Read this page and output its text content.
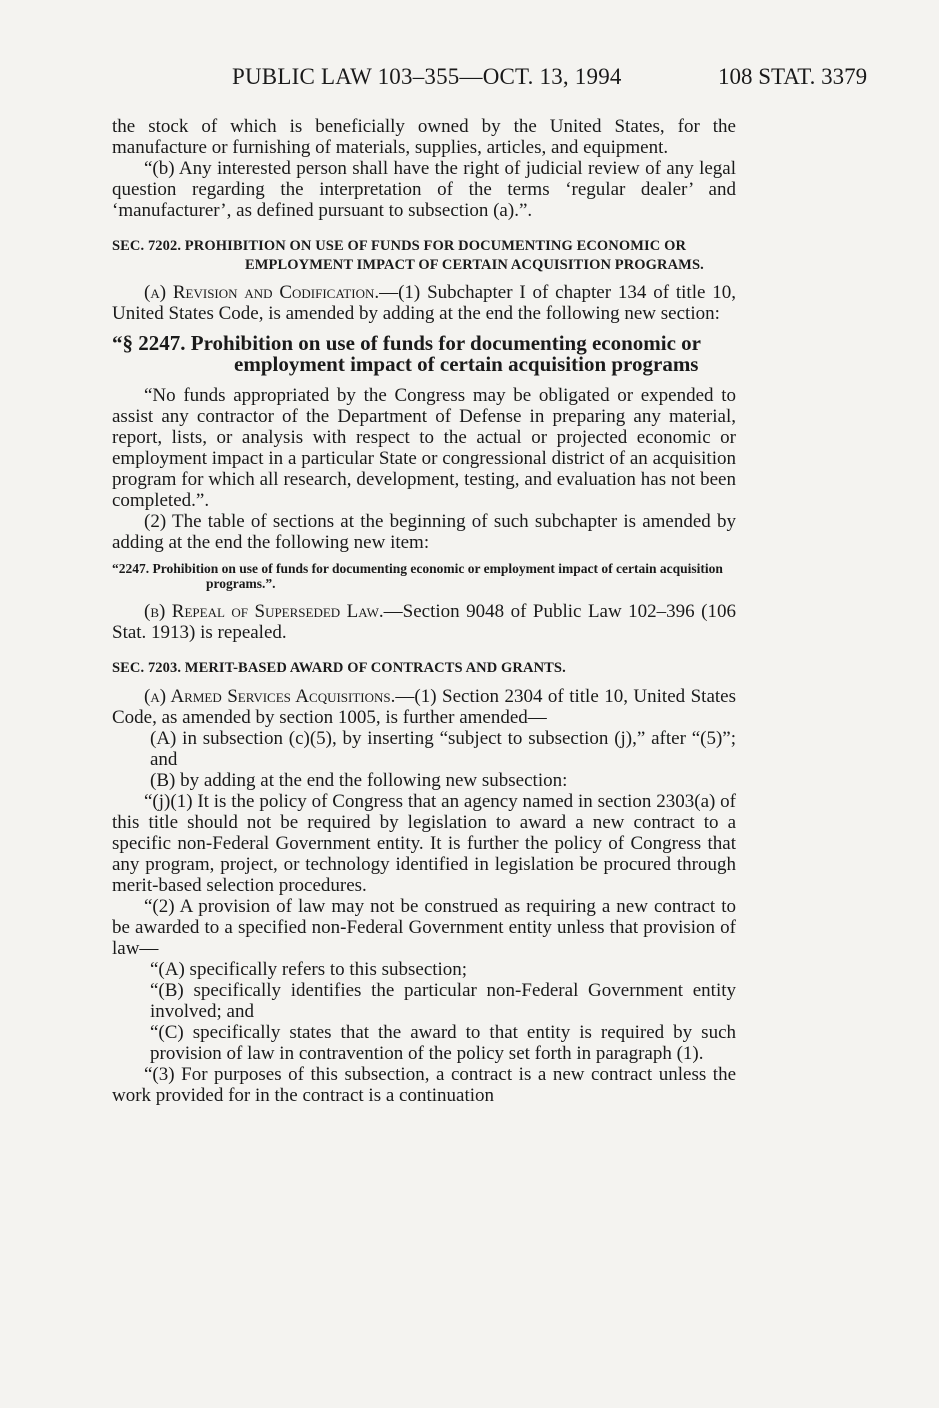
PUBLIC LAW 103–355—OCT. 13, 1994	108 STAT. 3379

the stock of which is beneficially owned by the United States, for the manufacture or furnishing of materials, supplies, articles, and equipment.

“(b) Any interested person shall have the right of judicial review of any legal question regarding the interpretation of the terms ‘regular dealer’ and ‘manufacturer’, as defined pursuant to subsection (a).”.

SEC. 7202. PROHIBITION ON USE OF FUNDS FOR DOCUMENTING ECONOMIC OR EMPLOYMENT IMPACT OF CERTAIN ACQUISITION PROGRAMS.

(a) Revision and Codification.—(1) Subchapter I of chapter 134 of title 10, United States Code, is amended by adding at the end the following new section:

“§ 2247. Prohibition on use of funds for documenting economic or employment impact of certain acquisition programs

“No funds appropriated by the Congress may be obligated or expended to assist any contractor of the Department of Defense in preparing any material, report, lists, or analysis with respect to the actual or projected economic or employment impact in a particular State or congressional district of an acquisition program for which all research, development, testing, and evaluation has not been completed.”.

(2) The table of sections at the beginning of such subchapter is amended by adding at the end the following new item:

“2247. Prohibition on use of funds for documenting economic or employment impact of certain acquisition programs.”.

(b) Repeal of Superseded Law.—Section 9048 of Public Law 102–396 (106 Stat. 1913) is repealed.

SEC. 7203. MERIT-BASED AWARD OF CONTRACTS AND GRANTS.

(a) Armed Services Acquisitions.—(1) Section 2304 of title 10, United States Code, as amended by section 1005, is further amended—

(A) in subsection (c)(5), by inserting “subject to subsection (j),” after “(5)”; and

(B) by adding at the end the following new subsection:

“(j)(1) It is the policy of Congress that an agency named in section 2303(a) of this title should not be required by legislation to award a new contract to a specific non-Federal Government entity. It is further the policy of Congress that any program, project, or technology identified in legislation be procured through merit-based selection procedures.

“(2) A provision of law may not be construed as requiring a new contract to be awarded to a specified non-Federal Government entity unless that provision of law—

“(A) specifically refers to this subsection;

“(B) specifically identifies the particular non-Federal Government entity involved; and

“(C) specifically states that the award to that entity is required by such provision of law in contravention of the policy set forth in paragraph (1).

“(3) For purposes of this subsection, a contract is a new contract unless the work provided for in the contract is a continuation
